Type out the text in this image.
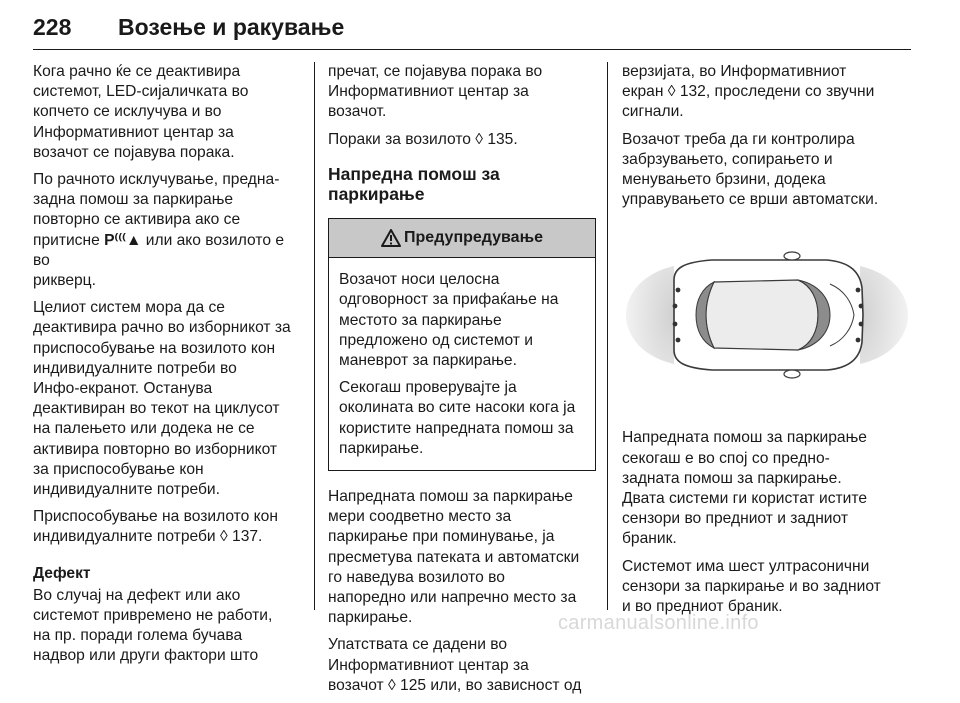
228 Возење и ракување

Кога рачно ќе се деактивира
системот, LED-сијаличката во
копчето се исклучува и во
Информативниот центар за
возачот се појавува порака.

По рачното исклучување, предна-
задна помош за паркирање
повторно се активира ако се
притисне P⁽⁽⁽▲ или ако возилото е во
рикверц.

Целиот систем мора да се
деактивира рачно во изборникот за
приспособување на возилото кон
индивидуалните потреби во
Инфо-екранот. Останува
деактивиран во текот на циклусот
на палењето или додека не се
активира повторно во изборникот
за приспособување кон
индивидуалните потреби.

Приспособување на возилото кон
индивидуалните потреби ◊ 137.

Дефект

Во случај на дефект или ако
системот привремено не работи,
на пр. поради голема бучава
надвор или други фактори што

пречат, се појавува порака во
Информативниот центар за
возачот.

Пораки за возилото ◊ 135.

Напредна помош за паркирање
Предупредување

Возачот носи целосна
одговорност за прифаќање на
местото за паркирање
предложено од системот и
маневрот за паркирање.

Секогаш проверувајте ја
околината во сите насоки кога ја
користите напредната помош за
паркирање.

Напредната помош за паркирање
мери соодветно место за
паркирање при поминување, ја
пресметува патеката и автоматски
го наведува возилото во
напоредно или напречно место за
паркирање.

Упатствата се дадени во
Информативниот центар за
возачот ◊ 125 или, во зависност од

верзијата, во Информативниот
екран ◊ 132, проследени со звучни
сигнали.

Возачот треба да ги контролира
забрзувањето, сопирањето и
менувањето брзини, додека
управувањето се врши автоматски.

Напредната помош за паркирање
секогаш е во спој со предно-
задната помош за паркирање.
Двата системи ги користат истите
сензори во предниот и задниот
браник.

Системот има шест ултрасонични
сензори за паркирање и во задниот
и во предниот браник.

carmanualsonline.info
